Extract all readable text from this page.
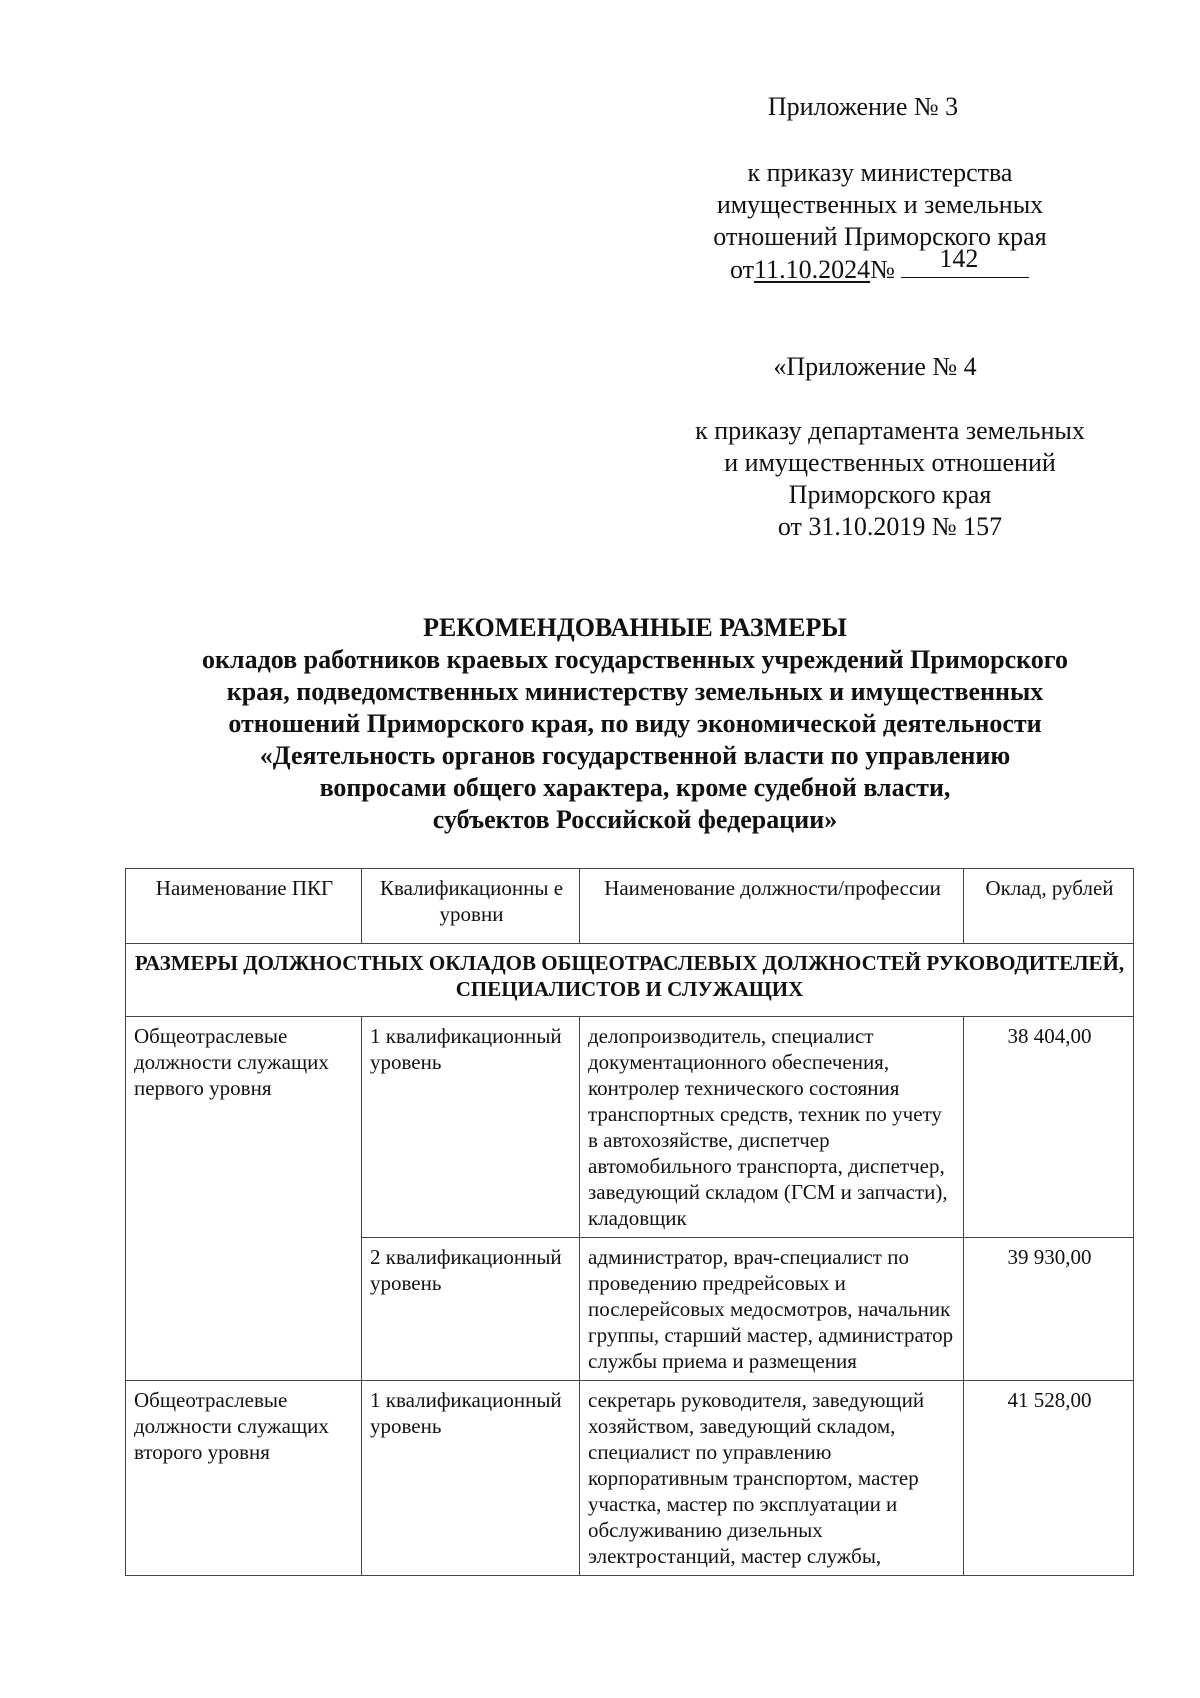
Приложение № 3
к приказу министерства
имущественных и земельных
отношений Приморского края
от11.10.2024№ 142
«Приложение № 4
к приказу департамента земельных
и имущественных отношений
Приморского края
от 31.10.2019 № 157
РЕКОМЕНДОВАННЫЕ РАЗМЕРЫ
окладов работников краевых государственных учреждений Приморского
края, подведомственных министерству земельных и имущественных
отношений Приморского края, по виду экономической деятельности
«Деятельность органов государственной власти по управлению
вопросами общего характера, кроме судебной власти,
субъектов Российской федерации»
Наименование ПКГ	Квалификационны е уровни	Наименование должности/профессии	Оклад, рублей
РАЗМЕРЫ ДОЛЖНОСТНЫХ ОКЛАДОВ ОБЩЕОТРАСЛЕВЫХ ДОЛЖНОСТЕЙ РУКОВОДИТЕЛЕЙ, СПЕЦИАЛИСТОВ И СЛУЖАЩИХ			
Общеотраслевые должности служащих первого уровня	1 квалификационный уровень	делопроизводитель, специалист документационного обеспечения, контролер технического состояния транспортных средств, техник по учету в автохозяйстве, диспетчер автомобильного транспорта, диспетчер, заведующий складом (ГСМ и запчасти), кладовщик	38 404,00
	2 квалификационный уровень	администратор, врач-специалист по проведению предрейсовых и послерейсовых медосмотров, начальник группы, старший мастер, администратор службы приема и размещения	39 930,00
Общеотраслевые должности служащих второго уровня	1 квалификационный уровень	секретарь руководителя, заведующий хозяйством, заведующий складом, специалист по управлению корпоративным транспортом, мастер участка, мастер по эксплуатации и обслуживанию дизельных электростанций, мастер службы,	41 528,00
